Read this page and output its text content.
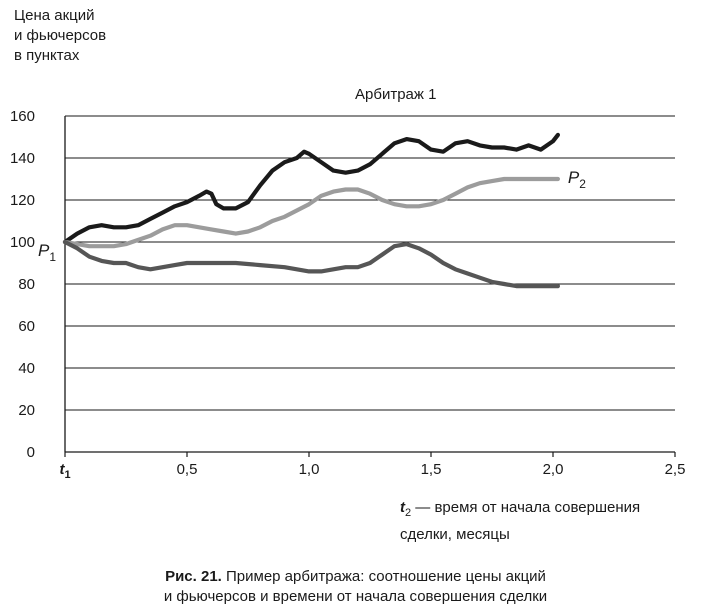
0
20
40
60
80
100
120
140
160
$t_1$	0,5	1,0	1,5	2,0	2,5
$P_1$
$P_2$
Цена акций
и фьючерсов
в пунктах
Арбитраж 1
$t_2$ — время от начала совершения
сделки, месяцы
Рис. 21. Пример арбитража: соотношение цены акций
и фьючерсов и времени от начала совершения сделки
